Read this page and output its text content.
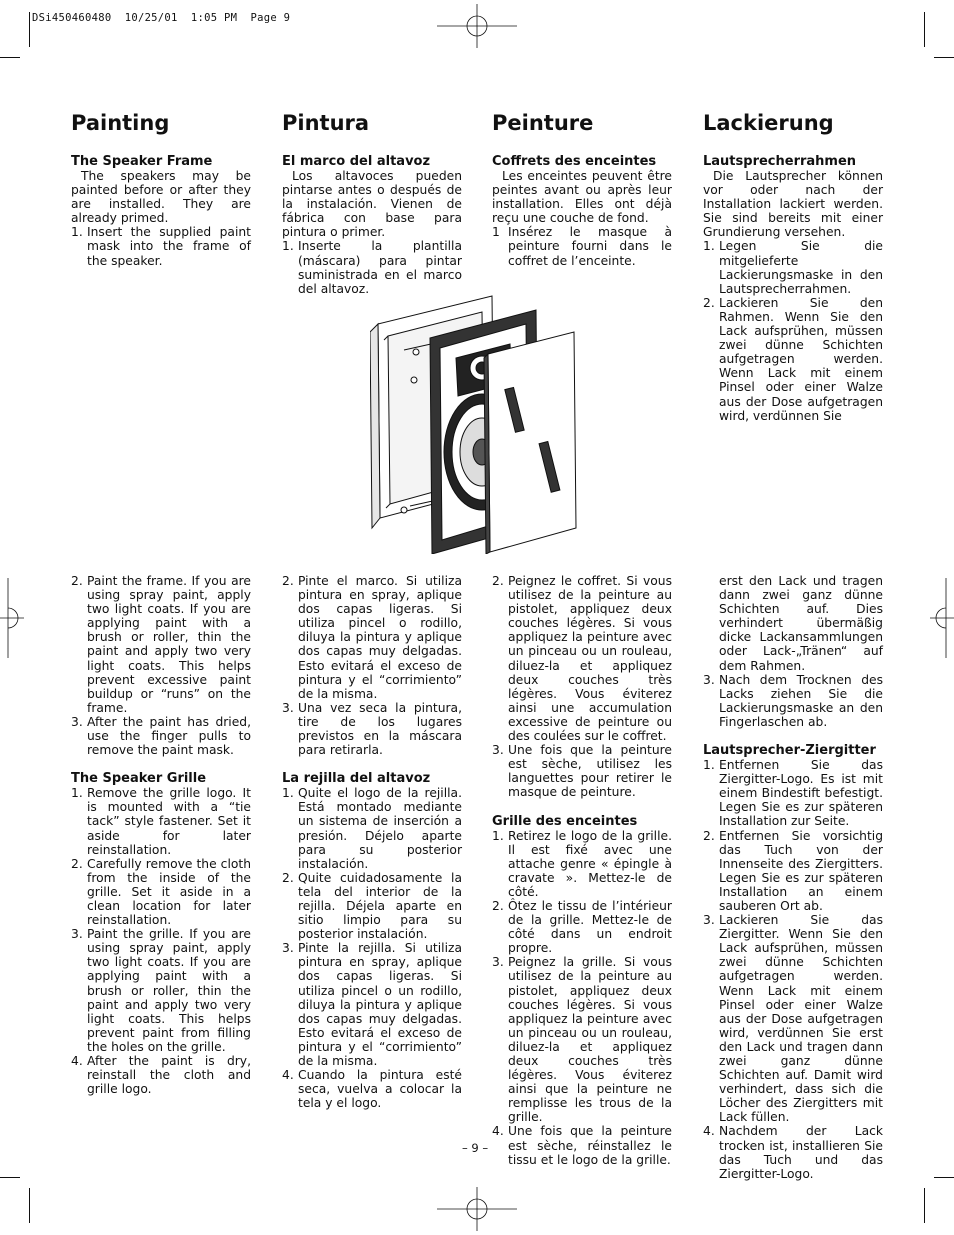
DSi450460480  10/25/01  1:05 PM  Page 9
Painting
The Speaker Frame

The speakers may be painted before or after they are installed. They are already primed.

1. Insert the supplied paint mask into the frame of the speaker.
2. Paint the frame. If you are using spray paint, apply two light coats. If you are applying paint with a brush or roller, thin the paint and apply two very light coats. This helps prevent excessive paint buildup or “runs” on the frame.
3. After the paint has dried, use the finger pulls to remove the paint mask.
The Speaker Grille
1. Remove the grille logo. It is mounted with a “tie tack” style fastener. Set it aside for later reinstallation.
2. Carefully remove the cloth from the inside of the grille. Set it aside in a clean location for later reinstallation.
3. Paint the grille. If you are using spray paint, apply two light coats. If you are applying paint with a brush or roller, thin the paint and apply two very light coats. This helps prevent paint from filling the holes on the grille.
4. After the paint is dry, reinstall the cloth and grille logo.
Pintura
El marco del altavoz

Los altavoces pueden pintarse antes o después de la instalación. Vienen de fábrica con base para pintura o primer.

1. Inserte la plantilla (máscara) para pintar suministrada en el marco del altavoz.
2. Pinte el marco. Si utiliza pintura en spray, aplique dos capas ligeras. Si utiliza pincel o rodillo, diluya la pintura y aplique dos capas muy delgadas. Esto evitará el exceso de pintura y el “corrimiento” de la misma.
3. Una vez seca la pintura, tire de los lugares previstos en la máscara para retirarla.
La rejilla del altavoz
1. Quite el logo de la rejilla. Está montado mediante un sistema de inserción a presión. Déjelo aparte para su posterior instalación.
2. Quite cuidadosamente la tela del interior de la rejilla. Déjela aparte en sitio limpio para su posterior instalación.
3. Pinte la rejilla. Si utiliza pintura en spray, aplique dos capas ligeras. Si utiliza pincel o un rodillo, diluya la pintura y aplique dos capas muy delgadas. Esto evitará el exceso de pintura y el “corrimiento” de la misma.
4. Cuando la pintura esté seca, vuelva a colocar la tela y el logo.
Peinture
Coffrets des enceintes

Les enceintes peuvent être peintes avant ou après leur installation. Elles ont déjà reçu une couche de fond.

1 Insérez le masque à peinture fourni dans le coffret de l’enceinte.
2. Peignez le coffret. Si vous utilisez de la peinture au pistolet, appliquez deux couches légères. Si vous appliquez la peinture avec un pinceau ou un rouleau, diluez-la et appliquez deux couches très légères. Vous éviterez ainsi une accumulation excessive de peinture ou des coulées sur le coffret.
3. Une fois que la peinture est sèche, utilisez les languettes pour retirer le masque de peinture.
Grille des enceintes
1. Retirez le logo de la grille. Il est fixé avec une attache genre « épingle à cravate ». Mettez-le de côté.
2. Ôtez le tissu de l’intérieur de la grille. Mettez-le de côté dans un endroit propre.
3. Peignez la grille. Si vous utilisez de la peinture au pistolet, appliquez deux couches légères. Si vous appliquez la peinture avec un pinceau ou un rouleau, diluez-la et appliquez deux couches très légères. Vous éviterez ainsi que la peinture ne remplisse les trous de la grille.
4. Une fois que la peinture est sèche, réinstallez le tissu et le logo de la grille.
Lackierung
Lautsprecherrahmen

Die Lautsprecher können vor oder nach der Installation lackiert werden. Sie sind bereits mit einer Grundierung versehen.

1. Legen Sie die mitgelieferte Lackierungsmaske in den Lautsprecherrahmen.
2. Lackieren Sie den Rahmen. Wenn Sie den Lack aufsprühen, müssen zwei dünne Schichten aufgetragen werden. Wenn Lack mit einem Pinsel oder einer Walze aus der Dose aufgetragen wird, verdünnen Sie

erst den Lack und tragen dann zwei ganz dünne Schichten auf. Dies verhindert übermäßig dicke Lackansammlungen oder Lack-„Tränen“ auf dem Rahmen.

3. Nach dem Trocknen des Lacks ziehen Sie die Lackierungsmaske an den Fingerlaschen ab.
Lautsprecher-Ziergitter
1. Entfernen Sie das Ziergitter-Logo. Es ist mit einem Bindestift befestigt. Legen Sie es zur späteren Installation zur Seite.
2. Entfernen Sie vorsichtig das Tuch von der Innenseite des Ziergitters. Legen Sie es zur späteren Installation an einem sauberen Ort ab.
3. Lackieren Sie das Ziergitter. Wenn Sie den Lack aufsprühen, müssen zwei dünne Schichten aufgetragen werden. Wenn Lack mit einem Pinsel oder einer Walze aus der Dose aufgetragen wird, verdünnen Sie erst den Lack und tragen dann zwei ganz dünne Schichten auf. Damit wird verhindert, dass sich die Löcher des Ziergitters mit Lack füllen.
4. Nachdem der Lack trocken ist, installieren Sie das Tuch und das Ziergitter-Logo.
– 9 –
